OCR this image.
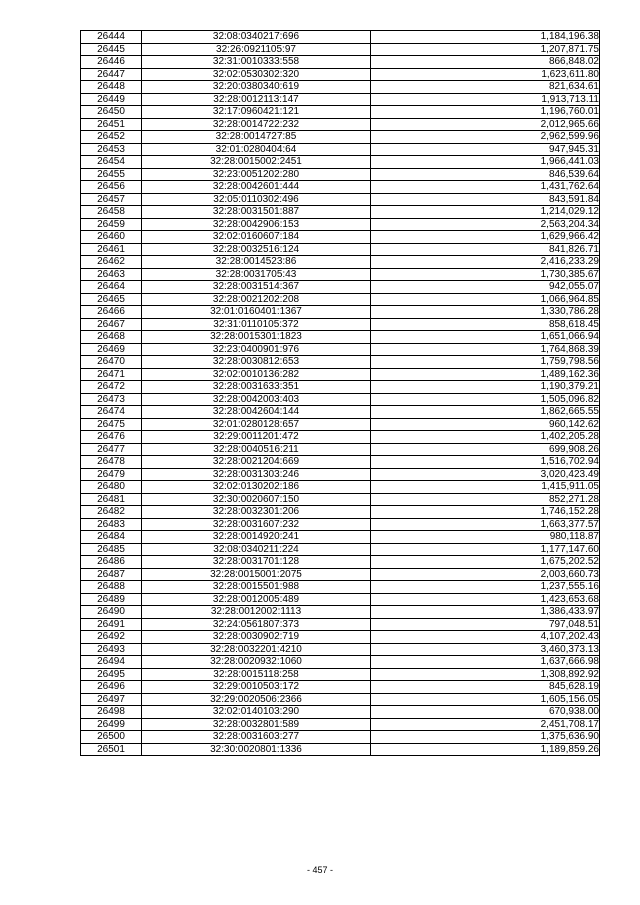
26444	32:08:0340217:696	1,184,196.38
26445	32:26:0921105:97	1,207,871.75
26446	32:31:0010333:558	866,848.02
26447	32:02:0530302:320	1,623,611.80
26448	32:20:0380340:619	821,634.61
26449	32:28:0012113:147	1,913,713.11
26450	32:17:0960421:121	1,196,760.01
26451	32:28:0014722:232	2,012,965.66
26452	32:28:0014727:85	2,962,599.96
26453	32:01:0280404:64	947,945.31
26454	32:28:0015002:2451	1,966,441.03
26455	32:23:0051202:280	846,539.64
26456	32:28:0042601:444	1,431,762.64
26457	32:05:0110302:496	843,591.84
26458	32:28:0031501:887	1,214,029.12
26459	32:28:0042906:153	2,563,204.34
26460	32:02:0160607:184	1,629,966.42
26461	32:28:0032516:124	841,826.71
26462	32:28:0014523:86	2,416,233.29
26463	32:28:0031705:43	1,730,385.67
26464	32:28:0031514:367	942,055.07
26465	32:28:0021202:208	1,066,964.85
26466	32:01:0160401:1367	1,330,786.28
26467	32:31:0110105:372	858,618.45
26468	32:28:0015301:1823	1,651,066.94
26469	32:23:0400901:976	1,764,868.39
26470	32:28:0030812:653	1,759,798.56
26471	32:02:0010136:282	1,489,162.36
26472	32:28:0031633:351	1,190,379.21
26473	32:28:0042003:403	1,505,096.82
26474	32:28:0042604:144	1,862,665.55
26475	32:01:0280128:657	960,142.62
26476	32:29:0011201:472	1,402,205.28
26477	32:28:0040516:211	699,908.26
26478	32:28:0021204:669	1,516,702.94
26479	32:28:0031303:246	3,020,423.49
26480	32:02:0130202:186	1,415,911.05
26481	32:30:0020607:150	852,271.28
26482	32:28:0032301:206	1,746,152.28
26483	32:28:0031607:232	1,663,377.57
26484	32:28:0014920:241	980,118.87
26485	32:08:0340211:224	1,177,147.60
26486	32:28:0031701:128	1,675,202.52
26487	32:28:0015001:2075	2,003,660.73
26488	32:28:0015501:988	1,237,555.16
26489	32:28:0012005:489	1,423,653.68
26490	32:28:0012002:1113	1,386,433.97
26491	32:24:0561807:373	797,048.51
26492	32:28:0030902:719	4,107,202.43
26493	32:28:0032201:4210	3,460,373.13
26494	32:28:0020932:1060	1,637,666.98
26495	32:28:0015118:258	1,308,892.92
26496	32:29:0010503:172	845,628.19
26497	32:29:0020506:2366	1,605,156.05
26498	32:02:0140103:290	670,938.00
26499	32:28:0032801:589	2,451,708.17
26500	32:28:0031603:277	1,375,636.90
26501	32:30:0020801:1336	1,189,859.26
- 457 -
